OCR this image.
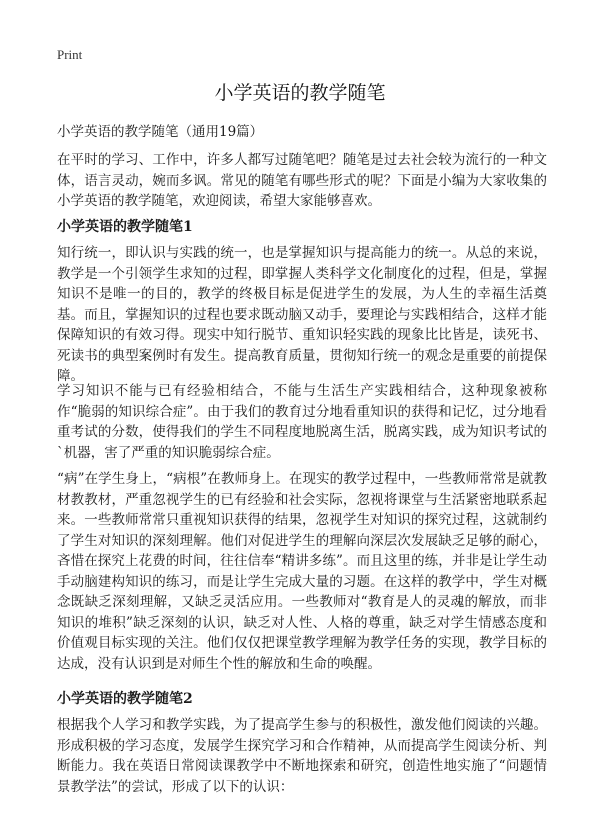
Print
小学英语的教学随笔

小学英语的教学随笔（通用19篇）

在平时的学习、工作中，许多人都写过随笔吧？随笔是过去社会较为流行的一种文体，语言灵动，婉而多讽。常见的随笔有哪些形式的呢？下面是小编为大家收集的小学英语的教学随笔，欢迎阅读，希望大家能够喜欢。

小学英语的教学随笔1

知行统一，即认识与实践的统一，也是掌握知识与提高能力的统一。从总的来说，教学是一个引领学生求知的过程，即掌握人类科学文化制度化的过程，但是，掌握知识不是唯一的目的，教学的终极目标是促进学生的发展，为人生的幸福生活奠基。而且，掌握知识的过程也要求既动脑又动手，要理论与实践相结合，这样才能保障知识的有效习得。现实中知行脱节、重知识轻实践的现象比比皆是，读死书、死读书的典型案例时有发生。提高教育质量，贯彻知行统一的观念是重要的前提保障。

学习知识不能与已有经验相结合，不能与生活生产实践相结合，这种现象被称作“脆弱的知识综合症”。由于我们的教育过分地看重知识的获得和记忆，过分地看重考试的分数，使得我们的学生不同程度地脱离生活，脱离实践，成为知识考试的`机器，害了严重的知识脆弱综合症。

“病”在学生身上，“病根”在教师身上。在现实的教学过程中，一些教师常常是就教材教教材，严重忽视学生的已有经验和社会实际，忽视将课堂与生活紧密地联系起来。一些教师常常只重视知识获得的结果，忽视学生对知识的探究过程，这就制约了学生对知识的深刻理解。他们对促进学生的理解向深层次发展缺乏足够的耐心，吝惜在探究上花费的时间，往往信奉“精讲多练”。而且这里的练，并非是让学生动手动脑建构知识的练习，而是让学生完成大量的习题。在这样的教学中，学生对概念既缺乏深刻理解，又缺乏灵活应用。一些教师对“教育是人的灵魂的解放，而非知识的堆积”缺乏深刻的认识，缺乏对人性、人格的尊重，缺乏对学生情感态度和价值观目标实现的关注。他们仅仅把课堂教学理解为教学任务的实现，教学目标的达成，没有认识到是对师生个性的解放和生命的唤醒。

小学英语的教学随笔2

根据我个人学习和教学实践，为了提高学生参与的积极性，激发他们阅读的兴趣。形成积极的学习态度，发展学生探究学习和合作精神，从而提高学生阅读分析、判断能力。我在英语日常阅读课教学中不断地探索和研究，创造性地实施了“问题情景教学法”的尝试，形成了以下的认识：
